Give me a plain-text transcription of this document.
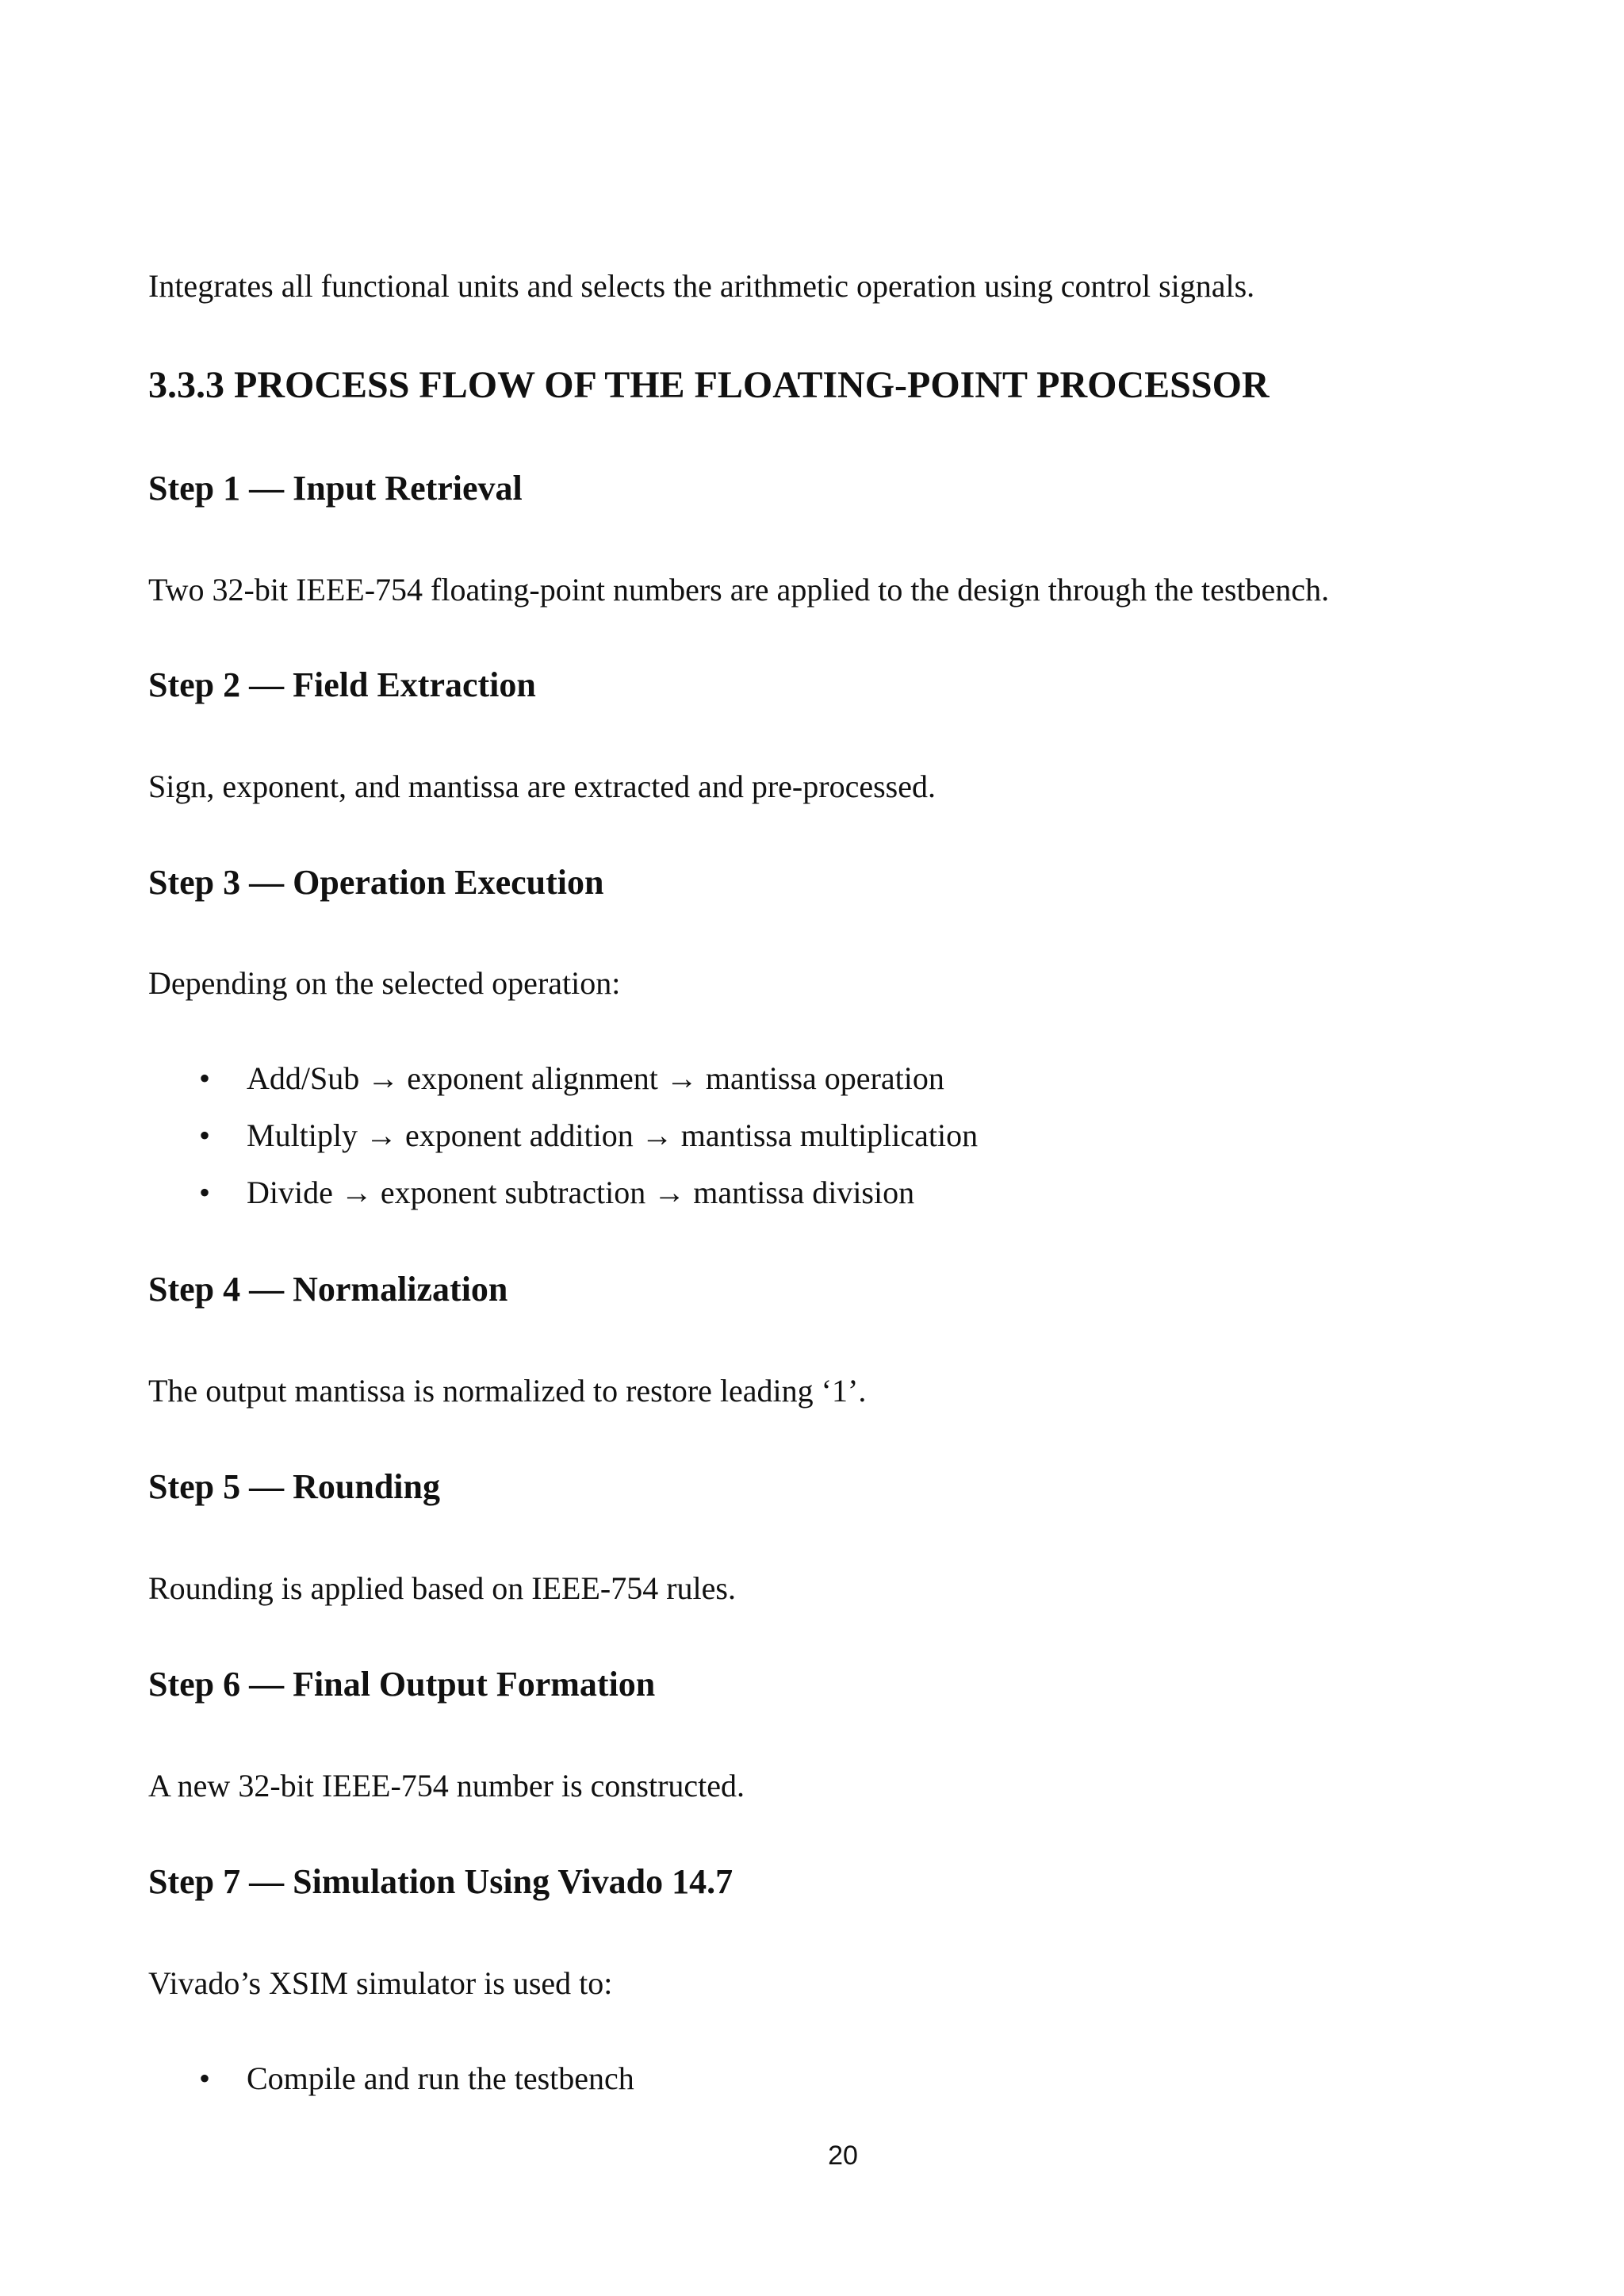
Integrates all functional units and selects the arithmetic operation using control signals.

3.3.3 PROCESS FLOW OF THE FLOATING-POINT PROCESSOR
Step 1 — Input Retrieval

Two 32-bit IEEE-754 floating-point numbers are applied to the design through the testbench.

Step 2 — Field Extraction

Sign, exponent, and mantissa are extracted and pre-processed.

Step 3 — Operation Execution

Depending on the selected operation:

• Add/Sub → exponent alignment → mantissa operation
• Multiply → exponent addition → mantissa multiplication
• Divide → exponent subtraction → mantissa division
Step 4 — Normalization

The output mantissa is normalized to restore leading ‘1’.

Step 5 — Rounding

Rounding is applied based on IEEE-754 rules.

Step 6 — Final Output Formation

A new 32-bit IEEE-754 number is constructed.

Step 7 — Simulation Using Vivado 14.7

Vivado’s XSIM simulator is used to:

• Compile and run the testbench
20
